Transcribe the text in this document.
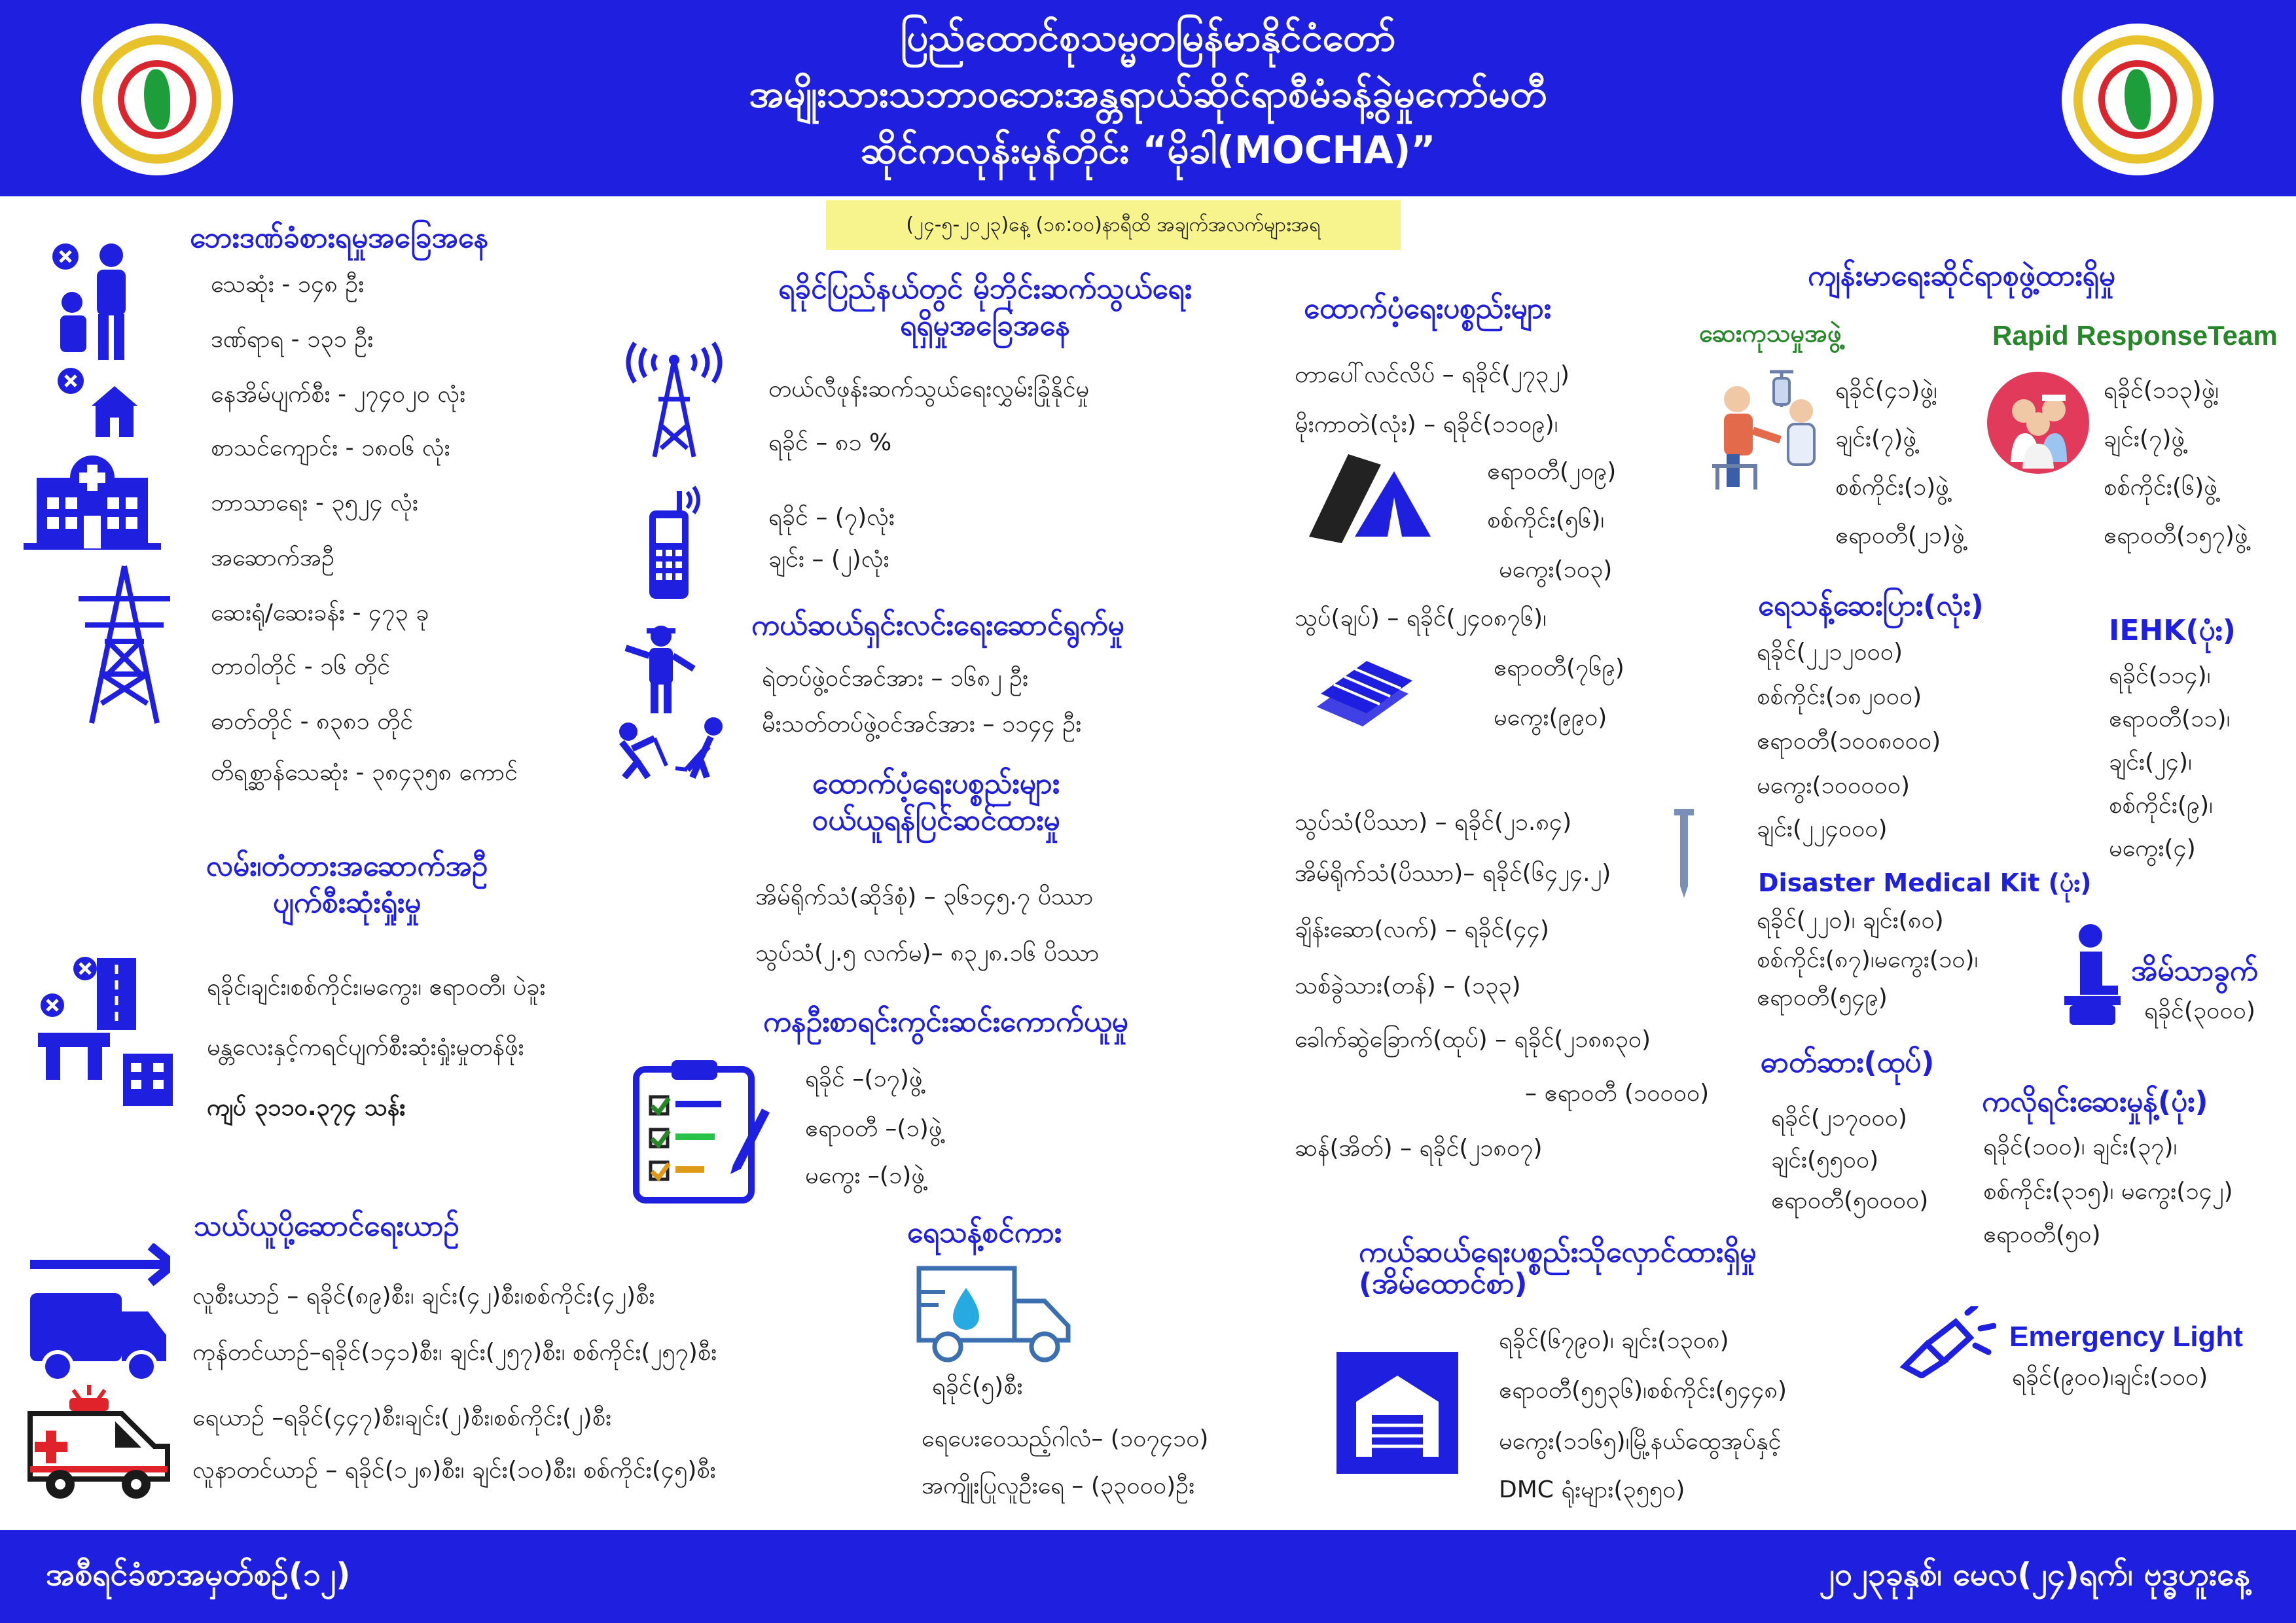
ပြည်ထောင်စုသမ္မတမြန်မာနိုင်ငံတော်
အမျိုးသားသဘာဝဘေးအန္တရာယ်ဆိုင်ရာစီမံခန့်ခွဲမှုကော်မတီ
ဆိုင်ကလုန်းမုန်တိုင်း “မိုခါ(MOCHA)”
(၂၄-၅-၂၀၂၃)နေ့ (၁၈:၀၀)နာရီထိ အချက်အလက်များအရ
ဘေးဒဏ်ခံစားရမှုအခြေအနေ
သေဆုံး - ၁၄၈ ဦး
ဒဏ်ရာရ - ၁၃၁ ဦး
နေအိမ်ပျက်စီး - ၂၇၄၀၂၀ လုံး
စာသင်ကျောင်း - ၁၈၀၆ လုံး
ဘာသာရေး - ၃၅၂၄ လုံး
အဆောက်အဦ
ဆေးရုံ/ဆေးခန်း - ၄၇၃ ခု
တာဝါတိုင် - ၁၆ တိုင်
ဓာတ်တိုင် - ၈၃၈၁ တိုင်
တိရစ္ဆာန်သေဆုံး - ၃၈၄၃၅၈ ကောင်
လမ်း၊တံတားအဆောက်အဦ
ပျက်စီးဆုံးရှုံးမှု
ရခိုင်၊ချင်း၊စစ်ကိုင်း၊မကွေး၊ ဧရာဝတီ၊ ပဲခူး
မန္တလေးနှင့်ကရင်ပျက်စီးဆုံးရှုံးမှုတန်ဖိုး
ကျပ် ၃၁၁၀.၃၇၄ သန်း
သယ်ယူပို့ဆောင်ရေးယာဉ်
လူစီးယာဉ် – ရခိုင်(၈၉)စီး၊ ချင်း(၄၂)စီး၊စစ်ကိုင်း(၄၂)စီး
ကုန်တင်ယာဉ်–ရခိုင်(၁၄၁)စီး၊ ချင်း(၂၅၇)စီး၊ စစ်ကိုင်း(၂၅၇)စီး
ရေယာဉ် –ရခိုင်(၄၄၇)စီး၊ချင်း(၂)စီး၊စစ်ကိုင်း(၂)စီး
လူနာတင်ယာဉ် – ရခိုင်(၁၂၈)စီး၊ ချင်း(၁၀)စီး၊ စစ်ကိုင်း(၄၅)စီး
ရခိုင်ပြည်နယ်တွင် မိုဘိုင်းဆက်သွယ်ရေး
ရရှိမှုအခြေအနေ
တယ်လီဖုန်းဆက်သွယ်ရေးလွှမ်းခြုံနိုင်မှု
ရခိုင် – ၈၁ %
ရခိုင် – (၇)လုံး
ချင်း – (၂)လုံး
ကယ်ဆယ်ရှင်းလင်းရေးဆောင်ရွက်မှု
ရဲတပ်ဖွဲ့ဝင်အင်အား – ၁၆၈၂ ဦး
မီးသတ်တပ်ဖွဲ့ဝင်အင်အား – ၁၁၄၄ ဦး
ထောက်ပံ့ရေးပစ္စည်းများ
ဝယ်ယူရန်ပြင်ဆင်ထားမှု
အိမ်ရိုက်သံ(ဆိုဒ်စုံ) – ၃၆၁၄၅.၇ ပိဿာ
သွပ်သံ(၂.၅ လက်မ)– ၈၃၂၈.၁၆ ပိဿာ
ကနဦးစာရင်းကွင်းဆင်းကောက်ယူမှု
ရခိုင် –(၁၇)ဖွဲ့
ဧရာဝတီ –(၁)ဖွဲ့
မကွေး –(၁)ဖွဲ့
ရေသန့်စင်ကား
ရခိုင်(၅)စီး
ရေပေးဝေသည့်ဂါလံ– (၁၀၇၄၁၀)
အကျိုးပြုလူဦးရေ – (၃၃၀၀၀)ဦး
ထောက်ပံ့ရေးပစ္စည်းများ
တာပေါ်လင်လိပ် – ရခိုင်(၂၇၃၂)
မိုးကာတဲ(လုံး) – ရခိုင်(၁၁၀၉)၊
ဧရာဝတီ(၂၀၉)
စစ်ကိုင်း(၅၆)၊
မကွေး(၁၀၃)
သွပ်(ချပ်) – ရခိုင်(၂၄၀၈၇၆)၊
ဧရာဝတီ(၇၆၉)
မကွေး(၉၉၀)
သွပ်သံ(ပိဿာ) – ရခိုင်(၂၁.၈၄)
အိမ်ရိုက်သံ(ပိဿာ)– ရခိုင်(၆၄၂၄.၂)
ချိန်းဆော(လက်) – ရခိုင်(၄၄)
သစ်ခွဲသား(တန်) – (၁၃၃)
ခေါက်ဆွဲခြောက်(ထုပ်) – ရခိုင်(၂၁၈၈၃၀)
– ဧရာဝတီ (၁၀၀၀၀)
ဆန်(အိတ်) – ရခိုင်(၂၁၈၀၇)
ကယ်ဆယ်ရေးပစ္စည်းသိုလှောင်ထားရှိမှု
(အိမ်ထောင်စာ)
ရခိုင်(၆၇၉၀)၊ ချင်း(၁၃၀၈)
ဧရာဝတီ(၅၅၃၆)၊စစ်ကိုင်း(၅၄၄၈)
မကွေး(၁၁၆၅)၊မြို့နယ်ထွေအုပ်နှင့်
DMC ရုံးများ(၃၅၅၀)
ကျန်းမာရေးဆိုင်ရာစုဖွဲ့ထားရှိမှု
ဆေးကုသမှုအဖွဲ့	Rapid ResponseTeam
ရခိုင်(၄၁)ဖွဲ့၊
ချင်း(၇)ဖွဲ့
စစ်ကိုင်း(၁)ဖွဲ့
ဧရာဝတီ(၂၁)ဖွဲ့
ရခိုင်(၁၁၃)ဖွဲ့၊
ချင်း(၇)ဖွဲ့
စစ်ကိုင်း(၆)ဖွဲ့
ဧရာဝတီ(၁၅၇)ဖွဲ့
ရေသန့်ဆေးပြား(လုံး)
ရခိုင်(၂၂၁၂၀၀၀)
စစ်ကိုင်း(၁၈၂၀၀၀)
ဧရာဝတီ(၁၀၀၈၀၀၀)
မကွေး(၁၀၀၀၀၀)
ချင်း(၂၂၄၀၀၀)
IEHK(ပုံး)
ရခိုင်(၁၁၄)၊
ဧရာဝတီ(၁၁)၊
ချင်း(၂၄)၊
စစ်ကိုင်း(၉)၊
မကွေး(၄)
Disaster Medical Kit (ပုံး)
ရခိုင်(၂၂၀)၊ ချင်း(၈၀)
စစ်ကိုင်း(၈၇)၊မကွေး(၁၀)၊
ဧရာဝတီ(၅၄၉)
အိမ်သာခွက်
ရခိုင်(၃၀၀၀)
ဓာတ်ဆား(ထုပ်)
ရခိုင်(၂၁၇၀၀၀)
ချင်း(၅၅၀၀)
ဧရာဝတီ(၅၀၀၀၀)
ကလိုရင်းဆေးမှုန့်(ပုံး)
ရခိုင်(၁၀၀)၊ ချင်း(၃၇)၊
စစ်ကိုင်း(၃၁၅)၊ မကွေး(၁၄၂)
ဧရာဝတီ(၅၀)
Emergency Light
ရခိုင်(၉၀၀)၊ချင်း(၁၀၀)
အစီရင်ခံစာအမှတ်စဉ်(၁၂)	၂၀၂၃ခုနှစ်၊ မေလ(၂၄)ရက်၊ ဗုဒ္ဓဟူးနေ့
